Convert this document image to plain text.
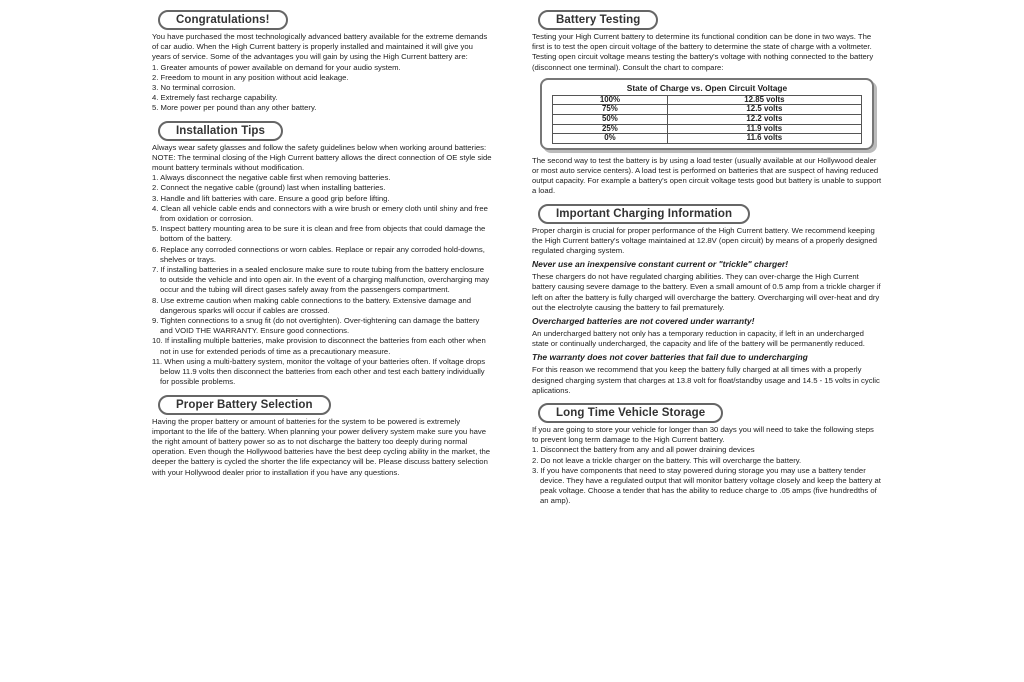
Congratulations!
You have purchased the most technologically advanced battery available for the extreme demands of car audio. When the High Current battery is properly installed and maintained it will give you years of service. Some of the advantages you will gain by using the High Current battery are:
1. Greater amounts of power available on demand for your audio system.
2. Freedom to mount in any position without acid leakage.
3. No terminal corrosion.
4. Extremely fast recharge capability.
5. More power per pound than any other battery.
Installation Tips
Always wear safety glasses and follow the safety guidelines below when working around batteries:
NOTE: The terminal closing of the High Current battery allows the direct connection of OE style side mount battery terminals without modification.
1. Always disconnect the negative cable first when removing batteries.
2. Connect the negative cable (ground) last when installing batteries.
3. Handle and lift batteries with care. Ensure a good grip before lifting.
4. Clean all vehicle cable ends and connectors with a wire brush or emery cloth until shiny and free from oxidation or corrosion.
5. Inspect battery mounting area to be sure it is clean and free from objects that could damage the bottom of the battery.
6. Replace any corroded connections or worn cables. Replace or repair any corroded hold-downs, shelves or trays.
7. If installing batteries in a sealed enclosure make sure to route tubing from the battery enclosure to outside the vehicle and into open air. In the event of a charging malfunction, overcharging may occur and the tubing will direct gases safely away from the passengers compartment.
8. Use extreme caution when making cable connections to the battery. Extensive damage and dangerous sparks will occur if cables are crossed.
9. Tighten connections to a snug fit (do not overtighten). Over-tightening can damage the battery and VOID THE WARRANTY. Ensure good connections.
10. If installing multiple batteries, make provision to disconnect the batteries from each other when not in use for extended periods of time as a precautionary measure.
11. When using a multi-battery system, monitor the voltage of your batteries often. If voltage drops below 11.9 volts then disconnect the batteries from each other and test each battery individually for possible problems.
Proper Battery Selection
Having the proper battery or amount of batteries for the system to be powered is extremely important to the life of the battery. When planning your power delivery system make sure you have the right amount of battery power so as to not discharge the battery too deeply during normal operation. Even though the Hollywood batteries have the best deep cycling ability in the market, the deeper the battery is cycled the shorter the life expectancy will be. Please discuss battery selection with your Hollywood dealer prior to installation if you have any questions.
Battery Testing
Testing your High Current battery to determine its functional condition can be done in two ways. The first is to test the open circuit voltage of the battery to determine the state of charge with a voltmeter. Testing open circuit voltage means testing the battery's voltage with nothing connected to the battery (disconnect one terminal). Consult the chart to compare:
State of Charge vs. Open Circuit Voltage
100%	12.85 volts
75%	12.5 volts
50%	12.2 volts
25%	11.9 volts
0%	11.6 volts
The second way to test the battery is by using a load tester (usually available at our Hollywood dealer or most auto service centers). A load test is performed on batteries that are suspect of having reduced output capacity. For example a battery's open circuit voltage tests good but battery is unable to support a load.
Important Charging Information
Proper chargin is crucial for proper performance of the High Current battery. We recommend keeping the High Current battery's voltage maintained at 12.8V (open circuit) by means of a properly designed regulated charging system.
Never use an inexpensive constant current or "trickle" charger!
These chargers do not have regulated charging abilities. They can over-charge the High Current battery causing severe damage to the battery. Even a small amount of 0.5 amp from a trickle charger if left on after the battery is fully charged will overcharge the battery. Overcharging will over-heat and dry out the electrolyte causing the battery to fail prematurely.
Overcharged batteries are not covered under warranty!
An undercharged battery not only has a temporary reduction in capacity, if left in an undercharged state or continually undercharged, the capacity and life of the battery will be permanently reduced.
The warranty does not cover batteries that fail due to undercharging
For this reason we recommend that you keep the battery fully charged at all times with a properly designed charging system that charges at 13.8 volt for float/standby usage and 14.5 - 15 volts in cyclic aplications.
Long Time Vehicle Storage
If you are going to store your vehicle for longer than 30 days you will need to take the following steps to prevent long term damage to the High Current battery.
1. Disconnect the battery from any and all power draining devices
2. Do not leave a trickle charger on the battery. This will overcharge the battery.
3. If you have components that need to stay powered during storage you may use a battery tender device. They have a regulated output that will monitor battery voltage closely and keep the battery at peak voltage. Choose a tender that has the ability to reduce charge to .05 amps (five hundredths of an amp).
